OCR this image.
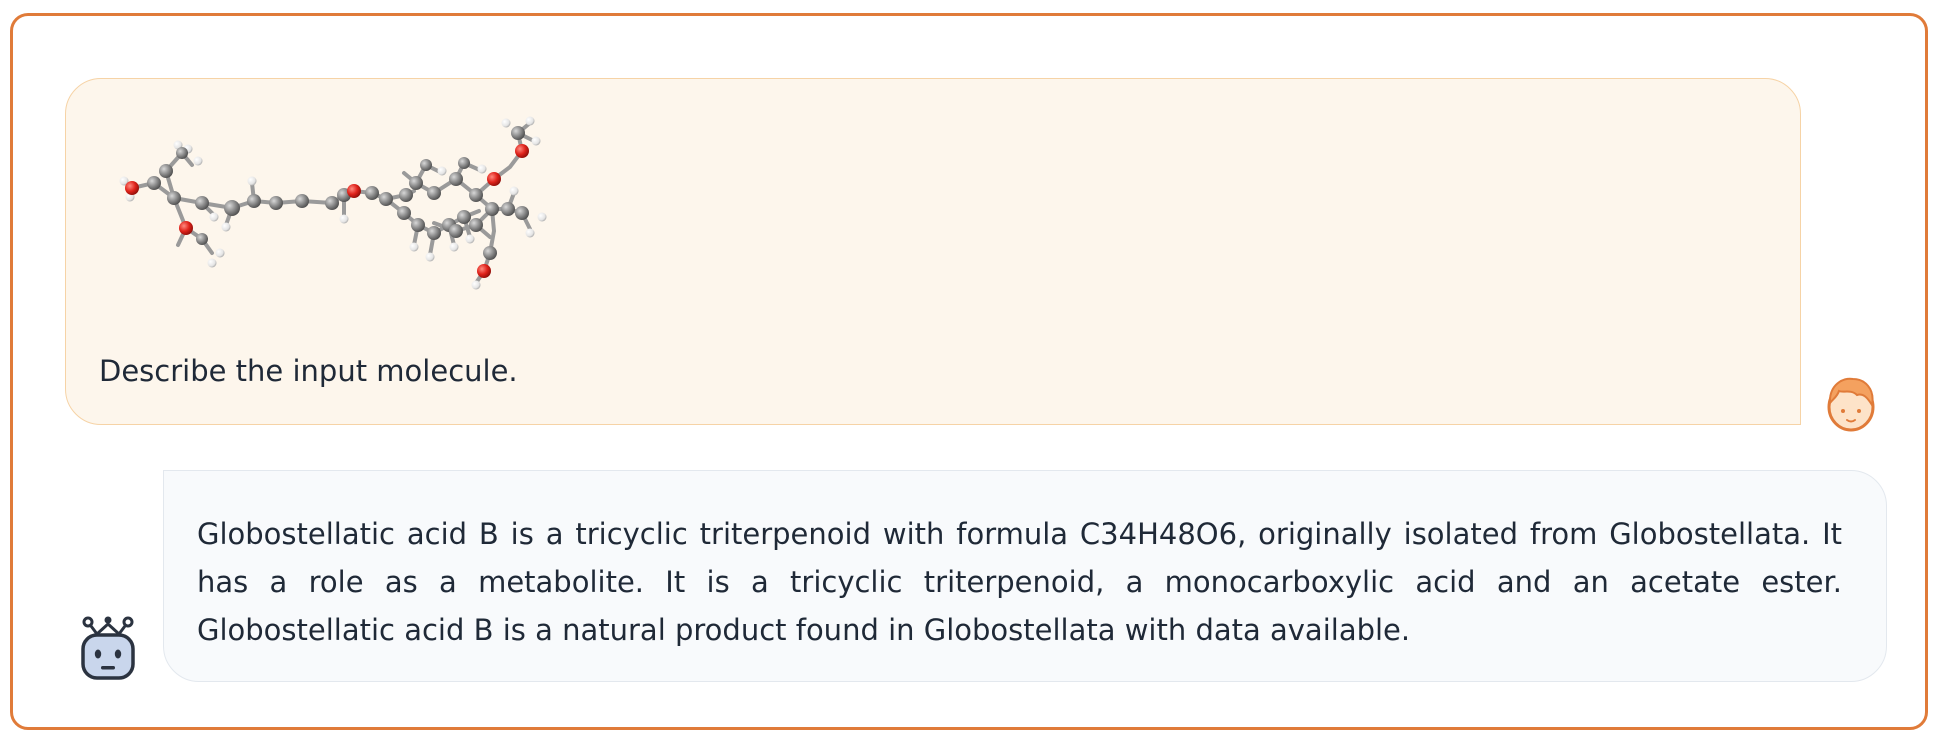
Describe the input molecule.

Globostellatic acid B is a tricyclic triterpenoid with formula C34H48O6, originally isolated from Globostellata. It has a role as a metabolite. It is a tricyclic triterpenoid, a monocarboxylic acid and an acetate ester. Globostellatic acid B is a natural product found in Globostellata with data available.
